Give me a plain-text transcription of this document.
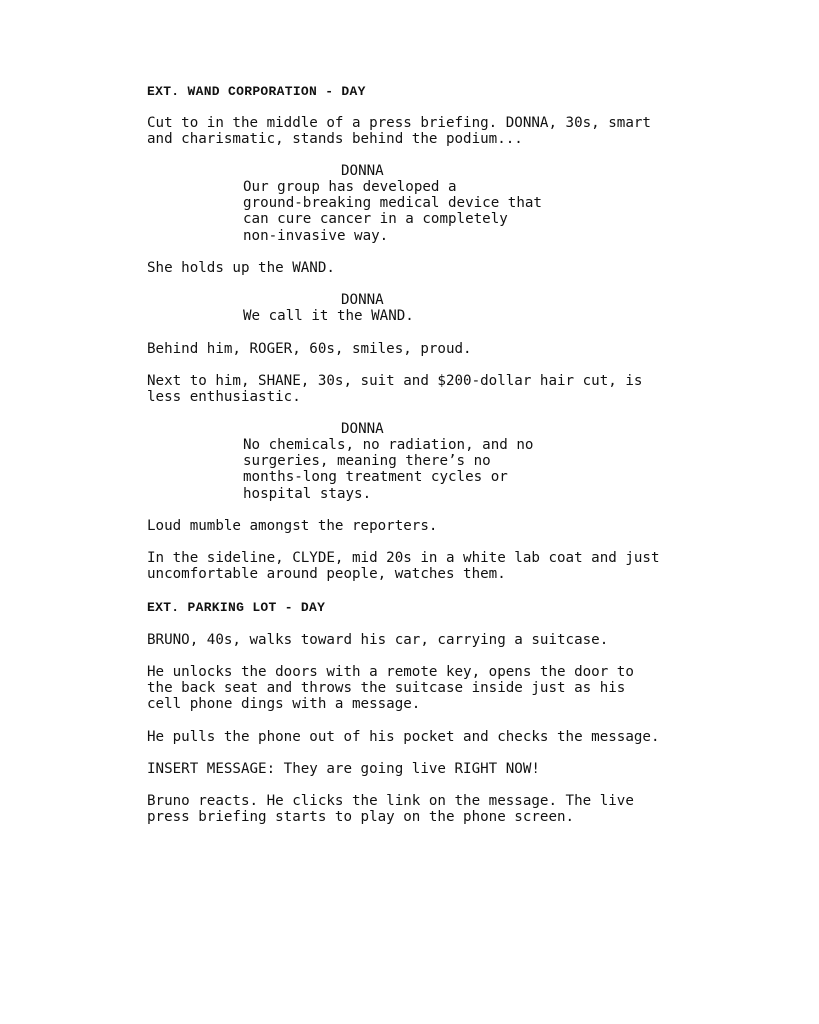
EXT. WAND CORPORATION - DAY
Cut to in the middle of a press briefing. DONNA, 30s, smart
and charismatic, stands behind the podium...
DONNA
Our group has developed a
ground-breaking medical device that
can cure cancer in a completely
non-invasive way.
She holds up the WAND.
DONNA
We call it the WAND.
Behind him, ROGER, 60s, smiles, proud.
Next to him, SHANE, 30s, suit and $200-dollar hair cut, is
less enthusiastic.
DONNA
No chemicals, no radiation, and no
surgeries, meaning there’s no
months-long treatment cycles or
hospital stays.
Loud mumble amongst the reporters.
In the sideline, CLYDE, mid 20s in a white lab coat and just
uncomfortable around people, watches them.
EXT. PARKING LOT - DAY
BRUNO, 40s, walks toward his car, carrying a suitcase.
He unlocks the doors with a remote key, opens the door to
the back seat and throws the suitcase inside just as his
cell phone dings with a message.
He pulls the phone out of his pocket and checks the message.
INSERT MESSAGE: They are going live RIGHT NOW!
Bruno reacts. He clicks the link on the message. The live
press briefing starts to play on the phone screen.
